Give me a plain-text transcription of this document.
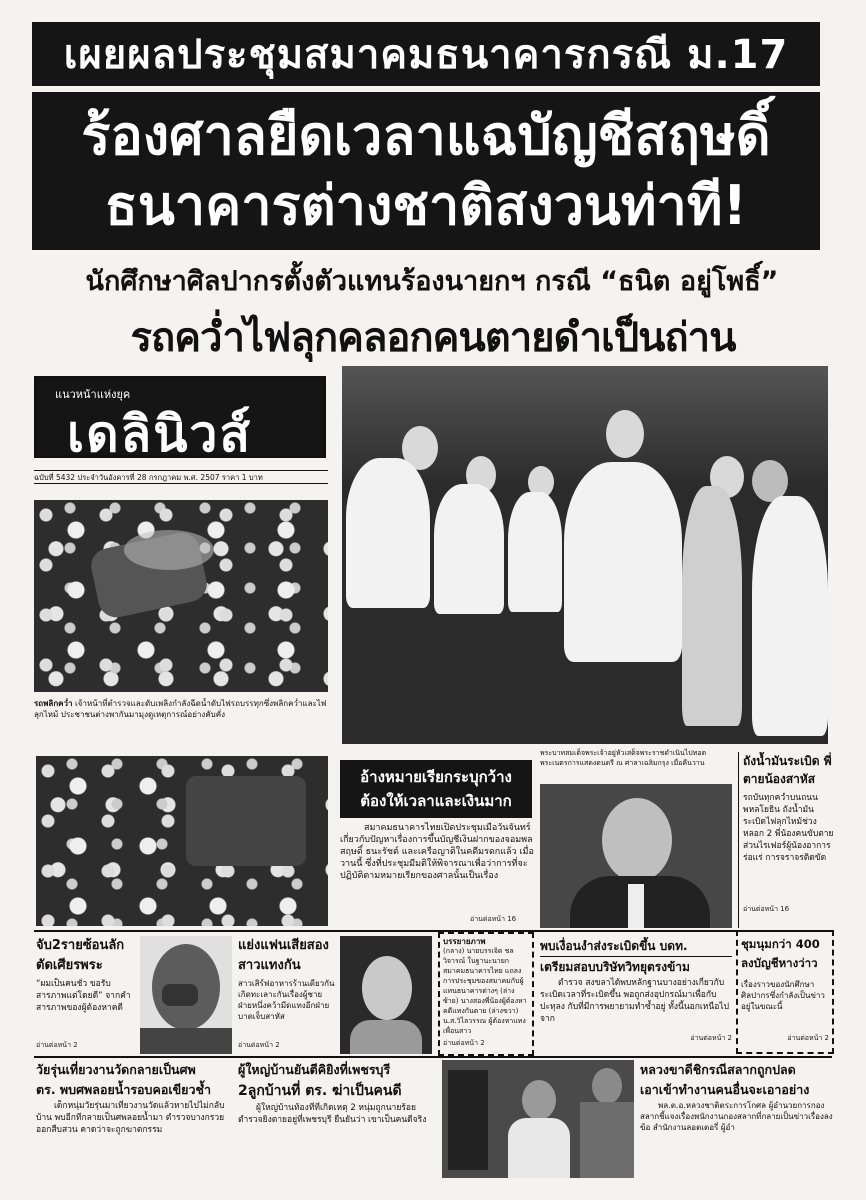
เผยผลประชุมสมาคมธนาคารกรณี ม.17
ร้องศาลยืดเวลาแฉบัญชีสฤษดิ์
ธนาคารต่างชาติสงวนท่าที!
นักศึกษาศิลปากรตั้งตัวแทนร้องนายกฯ กรณี “ธนิต อยู่โพธิ์”
รถคว่ำไฟลุกคลอกคนตายดำเป็นถ่าน
แนวหน้าแห่งยุค
เดลินิวส์
ฉบับที่ 5432 ประจำวันอังคารที่ 28 กรกฎาคม พ.ศ. 2507 ราคา 1 บาท
รถพลิกคว่ำ เจ้าหน้าที่ตำรวจและดับเพลิงกำลังฉีดน้ำดับไฟรถบรรทุกซึ่งพลิกคว่ำและไฟลุกไหม้ ประชาชนต่างพากันมามุงดูเหตุการณ์อย่างคับคั่ง
พระบาทสมเด็จพระเจ้าอยู่หัวเสด็จพระราชดำเนินไปทอดพระเนตรการแสดงดนตรี ณ ศาลาเฉลิมกรุง เมื่อคืนวาน
อ้างหมายเรียกระบุกว้าง ต้องให้เวลาและเงินมาก
สมาคมธนาคารไทยเปิดประชุมเมื่อวันจันทร์ เกี่ยวกับปัญหาเรื่องการขึ้นบัญชีเงินฝากของจอมพลสฤษดิ์ ธนะรัชต์ และเครือญาติในคดีมรดกแล้ว เมื่อวานนี้ ซึ่งที่ประชุมมีมติให้พิจารณาเพื่อว่าการที่จะปฏิบัติตามหมายเรียกของศาลนั้นเป็นเรื่อง
อ่านต่อหน้า 16
ถังน้ำมันระเบิด พี่ตายน้องสาหัส
รถบันทุกคว่ำบนถนนพหลโยธิน ถังน้ำมันระเบิดไฟลุกไหม้ช่วงหลอก 2 พี่น้องคนขับตาย ส่วนไรเฟอร์ผู้น้องอาการร่อแร่ การจราจรติดขัด
อ่านต่อหน้า 16
จับ2รายซ้อนลักตัดเศียรพระ
“ผมเป็นคนชั่ว ขอรับสารภาพแต่โดยดี” จากคำสารภาพของผู้ต้องหาคดี
อ่านต่อหน้า 2
แย่งแฟนเสียสองสาวแทงกัน
สาวเสิร์ฟอาหารร้านเดียวกันเกิดทะเลาะกันเรื่องผู้ชาย ฝ่ายหนึ่งคว้ามีดแทงอีกฝ่ายบาดเจ็บสาหัส
อ่านต่อหน้า 2
บรรยายภาพ
(กลาง) นายบรรเจิด ชลวิจารณ์ ในฐานะนายกสมาคมธนาคารไทย แถลงการประชุมของสมาคมกับผู้แทนธนาคารต่างๆ (ล่างซ้าย) นางสองพี่น้องผู้ต้องหาคดีแทงกันตาย (ล่างขวา) น.ส.วิไลวรรณ ผู้ต้องหาแทงเพื่อนสาว
อ่านต่อหน้า 2
พบเงื่อนงำส่งระเบิดขึ้น บดท.
เตรียมสอบบริษัทวิทยุตรงข้าม
ตำรวจ สงขลาได้พบหลักฐานบางอย่างเกี่ยวกับระเบิดเวลาที่ระเบิดขึ้น พอถูกส่งอุปกรณ์มาเพื่อกับปะทุลง กับที่มีการพยายามทำซ้ำอยู่ ทั้งนี้นอกเหนือไปจาก
อ่านต่อหน้า 2
ชุมนุมกว่า 400 ลงบัญชีหางว่าว
เรื่องราวของนักศึกษาศิลปากรซึ่งกำลังเป็นข่าวอยู่ในขณะนี้
อ่านต่อหน้า 2
วัยรุ่นเที่ยวงานวัดกลายเป็นศพ
ตร. พบศพลอยน้ำรอบคอเขียวช้ำ
เด็กหนุ่มวัยรุ่นมาเที่ยวงานวัดแล้วหายไปไม่กลับบ้าน พบอีกทีกลายเป็นศพลอยน้ำมา ตำรวจบางกรวยออกสืบสวน คาดว่าจะถูกฆาตกรรม
ผู้ใหญ่บ้านยันตีคิยิงที่เพชรบุรี
2ลูกบ้านที่ ตร. ฆ่าเป็นคนดี
ผู้ใหญ่บ้านท้องที่ที่เกิดเหตุ 2 หนุ่มถูกนายร้อยตำรวจยิงตายอยู่ที่เพชรบุรี ยืนยันว่า เขาเป็นคนดีจริง
หลวงขาดีชิกรณีสลากถูกปลด
เอาเข้าทำงานคนอื่นจะเอาอย่าง
พล.ต.อ.หลวงชาติตระการโกศล ผู้อำนวยการกองสลากชี้แจงเรื่องพนักงานกองสลากที่กลายเป็นข่าวเรื่องลงข้อ สำนักงานลอตเตอรี่ ผู้อำ
